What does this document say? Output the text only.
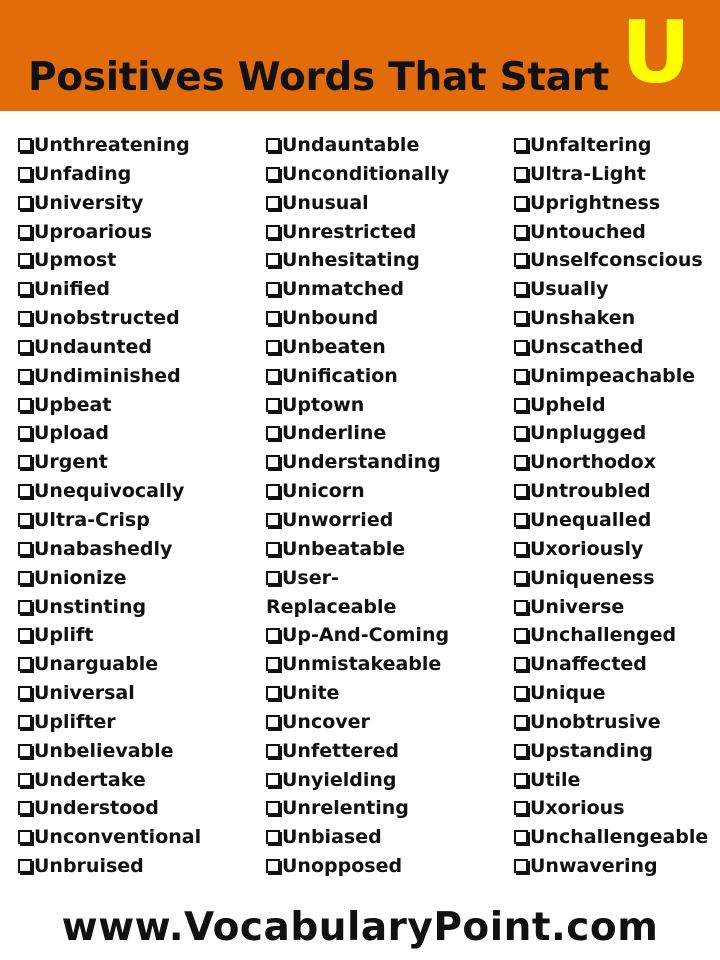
Positives Words That Start U
Unthreatening
Unfading
University
Uproarious
Upmost
Unified
Unobstructed
Undaunted
Undiminished
Upbeat
Upload
Urgent
Unequivocally
Ultra-Crisp
Unabashedly
Unionize
Unstinting
Uplift
Unarguable
Universal
Uplifter
Unbelievable
Undertake
Understood
Unconventional
Unbruised
Undauntable
Unconditionally
Unusual
Unrestricted
Unhesitating
Unmatched
Unbound
Unbeaten
Unification
Uptown
Underline
Understanding
Unicorn
Unworried
Unbeatable
User-
Replaceable
Up-And-Coming
Unmistakeable
Unite
Uncover
Unfettered
Unyielding
Unrelenting
Unbiased
Unopposed
Unfaltering
Ultra-Light
Uprightness
Untouched
Unselfconscious
Usually
Unshaken
Unscathed
Unimpeachable
Upheld
Unplugged
Unorthodox
Untroubled
Unequalled
Uxoriously
Uniqueness
Universe
Unchallenged
Unaffected
Unique
Unobtrusive
Upstanding
Utile
Uxorious
Unchallengeable
Unwavering
www.VocabularyPoint.com
